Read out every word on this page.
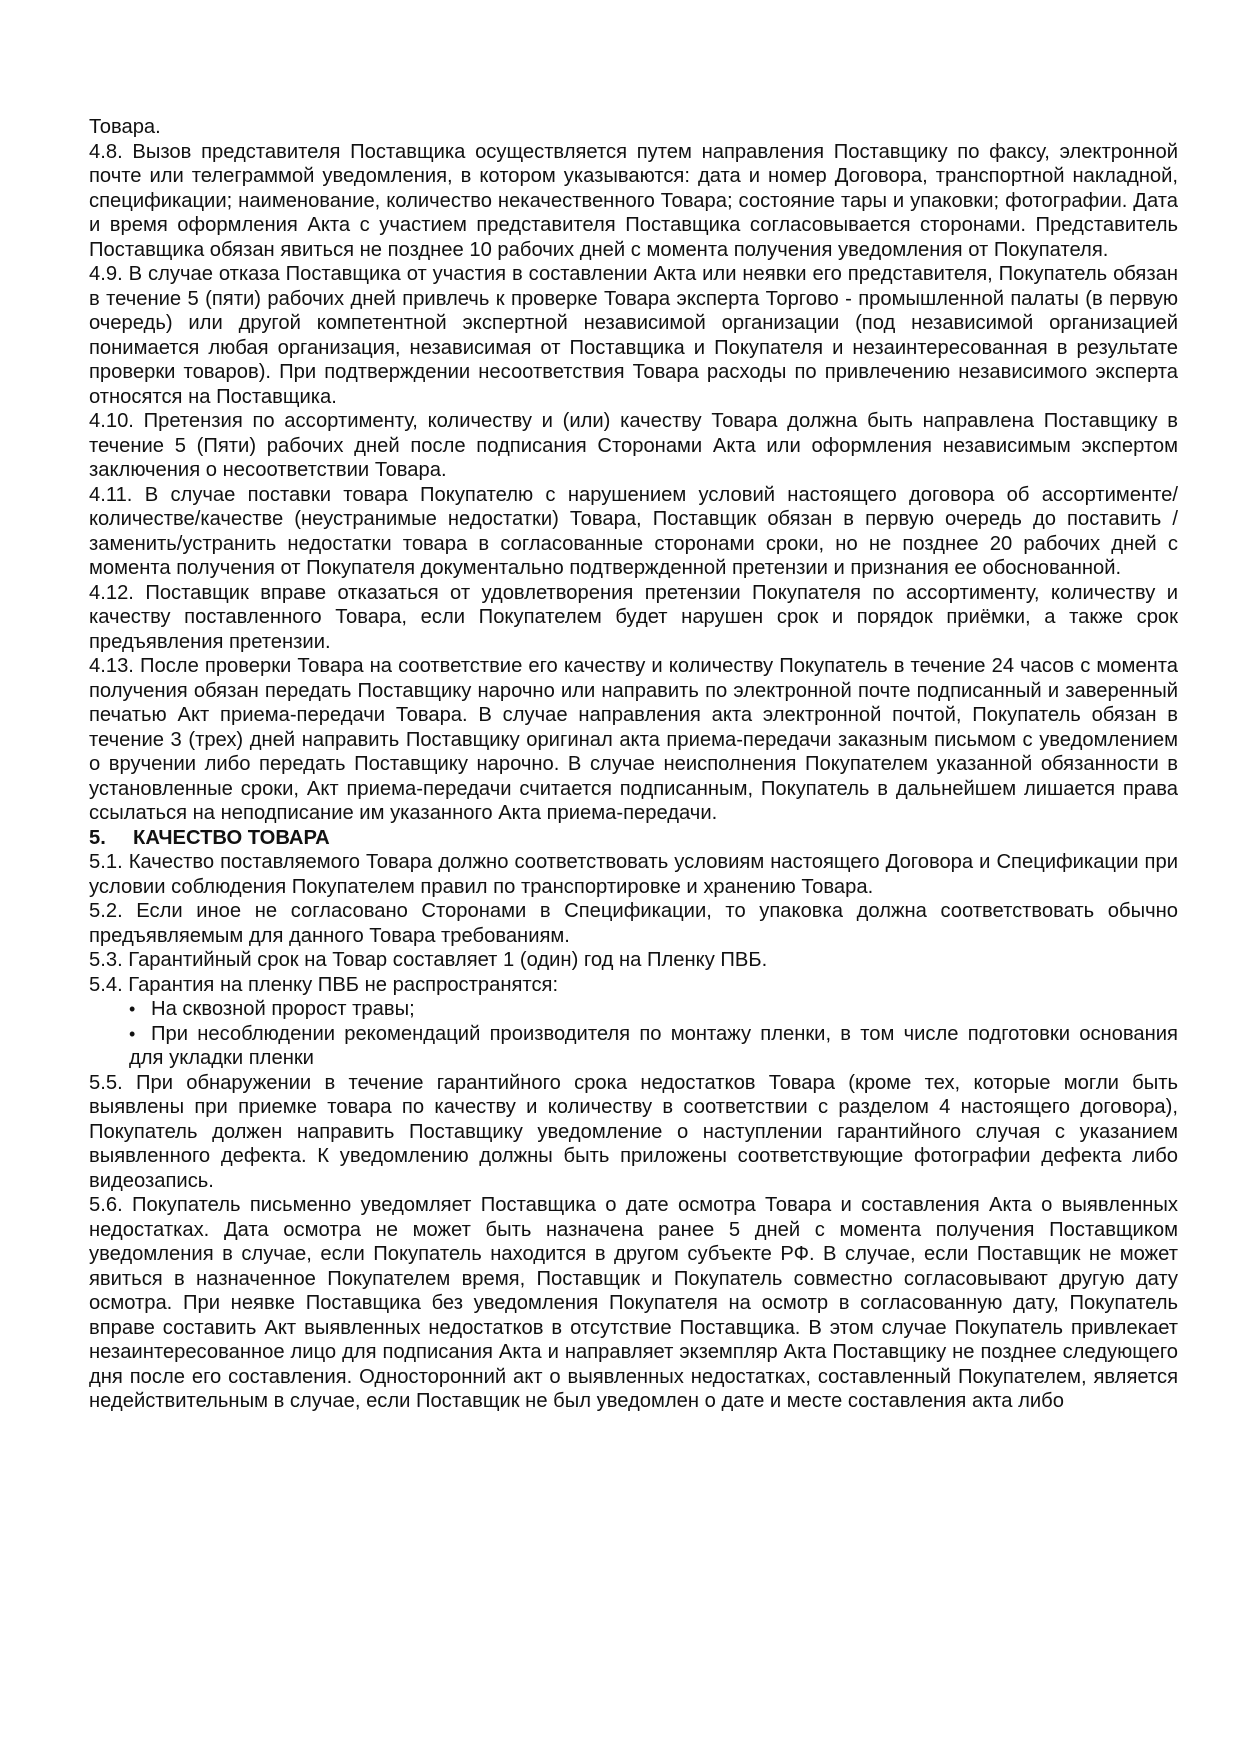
Товара.

4.8. Вызов представителя Поставщика осуществляется путем направления Поставщику по факсу, электронной почте или телеграммой уведомления, в котором указываются: дата и номер Договора, транспортной накладной, спецификации; наименование, количество некачественного Товара; состояние тары и упаковки; фотографии. Дата и время оформления Акта с участием представителя Поставщика согласовывается сторонами. Представитель Поставщика обязан явиться не позднее 10 рабочих дней с момента получения уведомления от Покупателя.

4.9. В случае отказа Поставщика от участия в составлении Акта или неявки его представителя, Покупатель обязан в течение 5 (пяти) рабочих дней привлечь к проверке Товара эксперта Торгово - промышленной палаты (в первую очередь) или другой компетентной экспертной независимой организации (под независимой организацией понимается любая организация, независимая от Поставщика и Покупателя и незаинтересованная в результате проверки товаров). При подтверждении несоответствия Товара расходы по привлечению независимого эксперта относятся на Поставщика.

4.10. Претензия по ассортименту, количеству и (или) качеству Товара должна быть направлена Поставщику в течение 5 (Пяти) рабочих дней после подписания Сторонами Акта или оформления независимым экспертом заключения о несоответствии Товара.

4.11. В случае поставки товара Покупателю с нарушением условий настоящего договора об ассортименте/количестве/качестве (неустранимые недостатки) Товара, Поставщик обязан в первую очередь до поставить /заменить/устранить недостатки товара в согласованные сторонами сроки, но не позднее 20 рабочих дней с момента получения от Покупателя документально подтвержденной претензии и признания ее обоснованной.

4.12. Поставщик вправе отказаться от удовлетворения претензии Покупателя по ассортименту, количеству и качеству поставленного Товара, если Покупателем будет нарушен срок и порядок приёмки, а также срок предъявления претензии.

4.13. После проверки Товара на соответствие его качеству и количеству Покупатель в течение 24 часов с момента получения обязан передать Поставщику нарочно или направить по электронной почте подписанный и заверенный печатью Акт приема-передачи Товара. В случае направления акта электронной почтой, Покупатель обязан в течение 3 (трех) дней направить Поставщику оригинал акта приема-передачи заказным письмом с уведомлением о вручении либо передать Поставщику нарочно. В случае неисполнения Покупателем указанной обязанности в установленные сроки, Акт приема-передачи считается подписанным, Покупатель в дальнейшем лишается права ссылаться на неподписание им указанного Акта приема-передачи.

5. КАЧЕСТВО ТОВАРА

5.1. Качество поставляемого Товара должно соответствовать условиям настоящего Договора и Спецификации при условии соблюдения Покупателем правил по транспортировке и хранению Товара.

5.2. Если иное не согласовано Сторонами в Спецификации, то упаковка должна соответствовать обычно предъявляемым для данного Товара требованиям.

5.3. Гарантийный срок на Товар составляет 1 (один) год на Пленку ПВБ.

5.4. Гарантия на пленку ПВБ не распространятся:

• На сквозной пророст травы;
• При несоблюдении рекомендаций производителя по монтажу пленки, в том числе подготовки основания для укладки пленки

5.5. При обнаружении в течение гарантийного срока недостатков Товара (кроме тех, которые могли быть выявлены при приемке товара по качеству и количеству в соответствии с разделом 4 настоящего договора), Покупатель должен направить Поставщику уведомление о наступлении гарантийного случая с указанием выявленного дефекта. К уведомлению должны быть приложены соответствующие фотографии дефекта либо видеозапись.

5.6. Покупатель письменно уведомляет Поставщика о дате осмотра Товара и составления Акта о выявленных недостатках. Дата осмотра не может быть назначена ранее 5 дней с момента получения Поставщиком уведомления в случае, если Покупатель находится в другом субъекте РФ. В случае, если Поставщик не может явиться в назначенное Покупателем время, Поставщик и Покупатель совместно согласовывают другую дату осмотра. При неявке Поставщика без уведомления Покупателя на осмотр в согласованную дату, Покупатель вправе составить Акт выявленных недостатков в отсутствие Поставщика. В этом случае Покупатель привлекает незаинтересованное лицо для подписания Акта и направляет экземпляр Акта Поставщику не позднее следующего дня после его составления. Односторонний акт о выявленных недостатках, составленный Покупателем, является недействительным в случае, если Поставщик не был уведомлен о дате и месте составления акта либо
